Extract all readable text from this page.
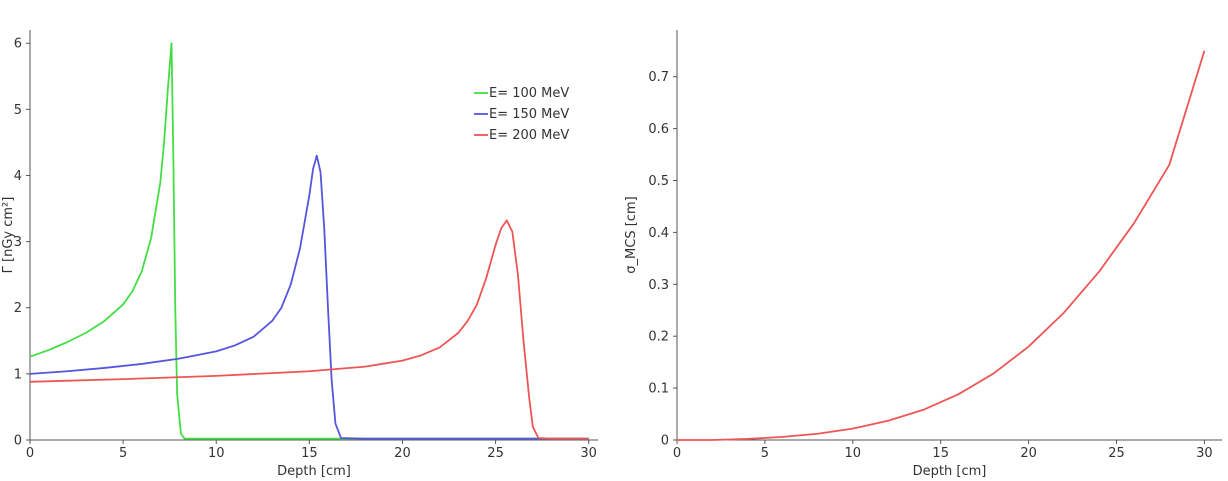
0	5	10	15	20	25	30
0
1
2
3
4
5
6
Depth [cm]
Γ [nGy cm²]
E= 100 MeV
E= 150 MeV
E= 200 MeV
0	5	10	15	20	25	30
0
0.1
0.2
0.3
0.4
0.5
0.6
0.7
Depth [cm]
σ_MCS [cm]
